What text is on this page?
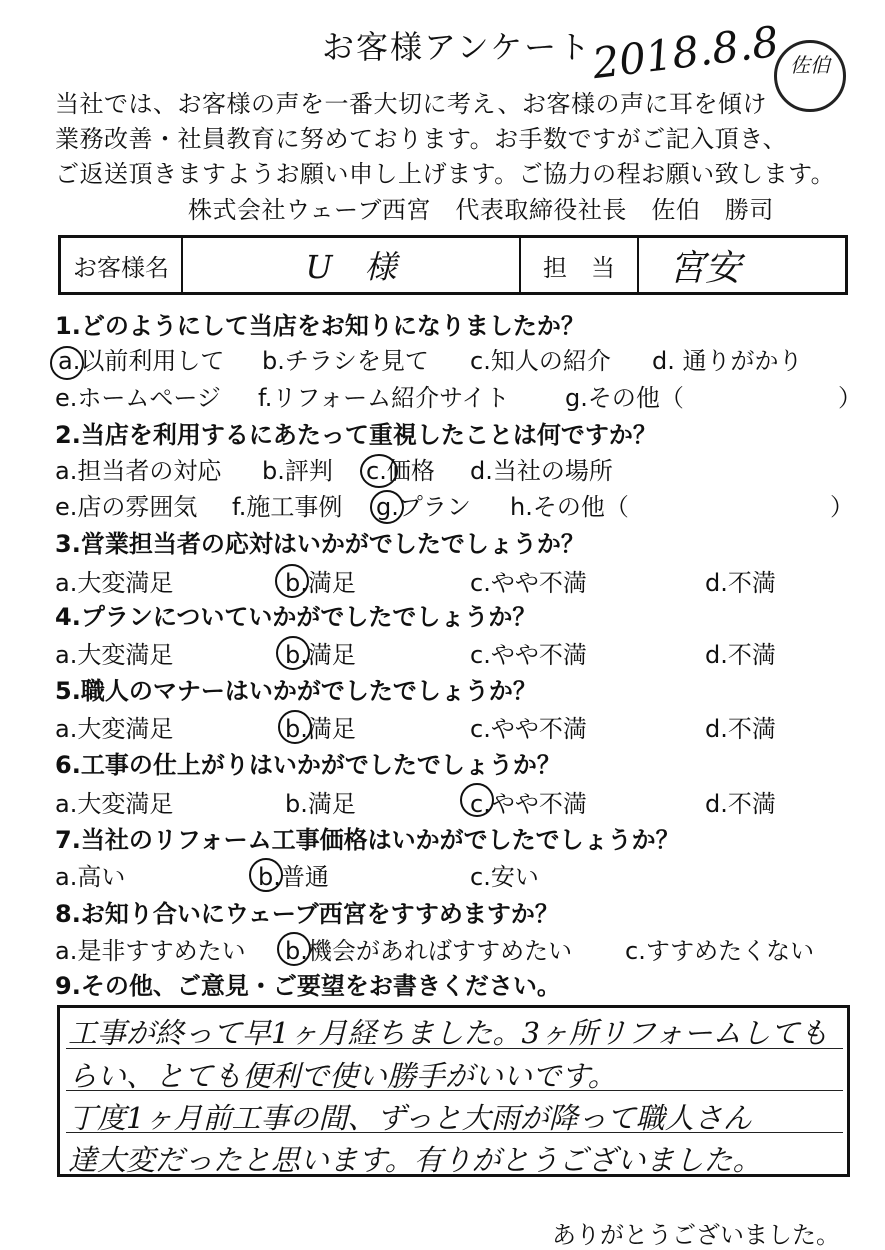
お客様アンケート
2018.8.8 佐伯
当社では、お客様の声を一番大切に考え、お客様の声に耳を傾け
業務改善・社員教育に努めております。お手数ですがご記入頂き、
ご返送頂きますようお願い申し上げます。ご協力の程お願い致します。
株式会社ウェーブ西宮　代表取締役社長　佐伯　勝司
お客様名	U　様	担　当	宮安
1.どのようにして当店をお知りになりましたか？
a.以前利用して b.チラシを見て c.知人の紹介 d. 通りがかり
e.ホームページ f.リフォーム紹介サイト g.その他（	）
2.当店を利用するにあたって重視したことは何ですか？
a.担当者の対応 b.評判 c.価格 d.当社の場所
e.店の雰囲気 f.施工事例 g.プラン h.その他（	）
3.営業担当者の応対はいかがでしたでしょうか？
a.大変満足	b.満足	c.やや不満	d.不満
4.プランについていかがでしたでしょうか？
a.大変満足	b.満足	c.やや不満	d.不満
5.職人のマナーはいかがでしたでしょうか？
a.大変満足	b.満足	c.やや不満	d.不満
6.工事の仕上がりはいかがでしたでしょうか？
a.大変満足	b.満足	c.やや不満	d.不満
7.当社のリフォーム工事価格はいかがでしたでしょうか？
a.高い	b.普通	c.安い
8.お知り合いにウェーブ西宮をすすめますか？
a.是非すすめたい b.機会があればすすめたい c.すすめたくない
9.その他、ご意見・ご要望をお書きください。
工事が終って早1ヶ月経ちました。3ヶ所リフォームしても
らい、とても便利で使い勝手がいいです。
丁度1ヶ月前工事の間、ずっと大雨が降って職人さん
達大変だったと思います。有りがとうございました。
ありがとうございました。
